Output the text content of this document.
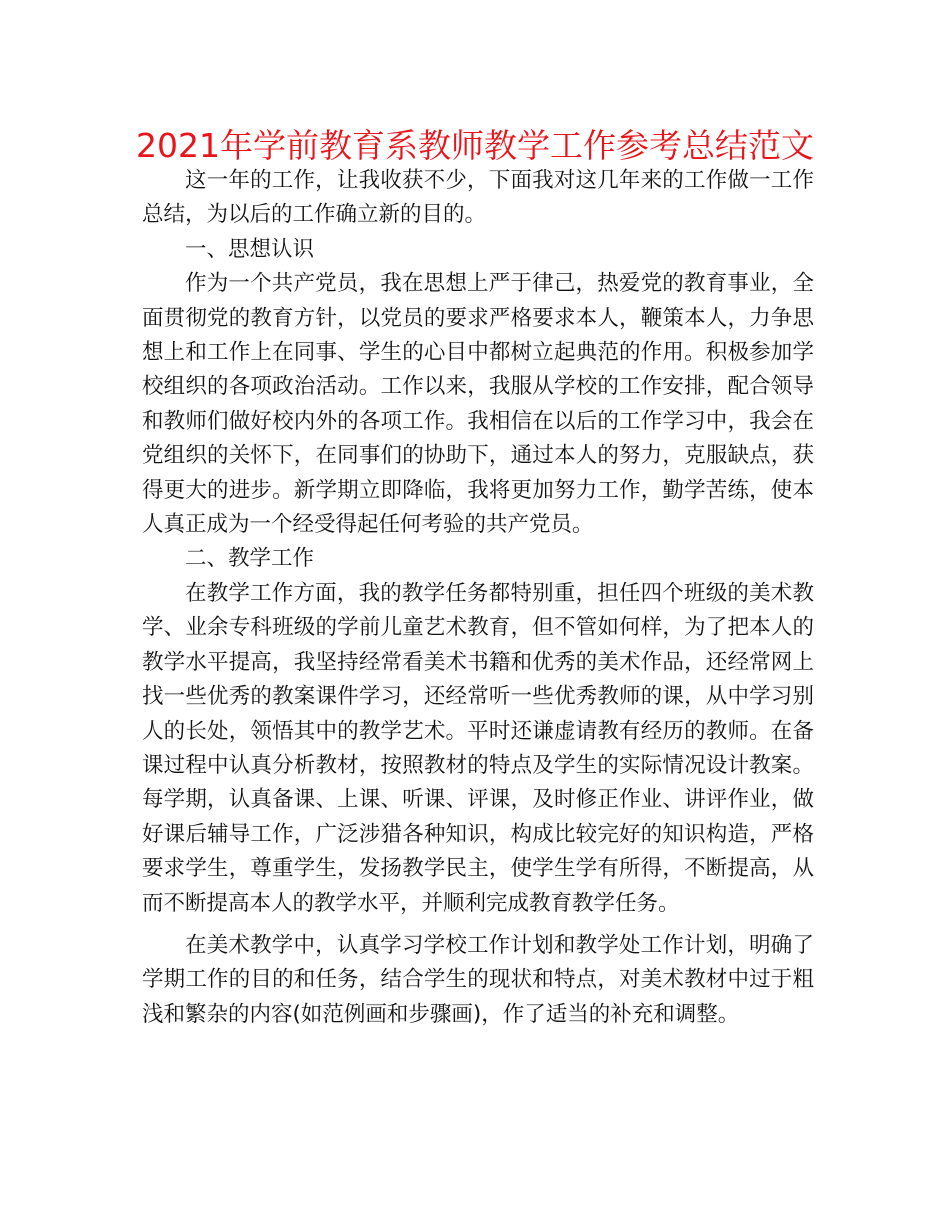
2021年学前教育系教师教学工作参考总结范文

这一年的工作，让我收获不少，下面我对这几年来的工作做一工作总结，为以后的工作确立新的目的。

一、思想认识

作为一个共产党员，我在思想上严于律己，热爱党的教育事业，全面贯彻党的教育方针，以党员的要求严格要求本人，鞭策本人，力争思想上和工作上在同事、学生的心目中都树立起典范的作用。积极参加学校组织的各项政治活动。工作以来，我服从学校的工作安排，配合领导和教师们做好校内外的各项工作。我相信在以后的工作学习中，我会在党组织的关怀下，在同事们的协助下，通过本人的努力，克服缺点，获得更大的进步。新学期立即降临，我将更加努力工作，勤学苦练，使本人真正成为一个经受得起任何考验的共产党员。

二、教学工作

在教学工作方面，我的教学任务都特别重，担任四个班级的美术教学、业余专科班级的学前儿童艺术教育，但不管如何样，为了把本人的教学水平提高，我坚持经常看美术书籍和优秀的美术作品，还经常网上找一些优秀的教案课件学习，还经常听一些优秀教师的课，从中学习别人的长处，领悟其中的教学艺术。平时还谦虚请教有经历的教师。在备课过程中认真分析教材，按照教材的特点及学生的实际情况设计教案。每学期，认真备课、上课、听课、评课，及时修正作业、讲评作业，做好课后辅导工作，广泛涉猎各种知识，构成比较完好的知识构造，严格要求学生，尊重学生，发扬教学民主，使学生学有所得，不断提高，从而不断提高本人的教学水平，并顺利完成教育教学任务。

在美术教学中，认真学习学校工作计划和教学处工作计划，明确了学期工作的目的和任务，结合学生的现状和特点，对美术教材中过于粗浅和繁杂的内容(如范例画和步骤画)，作了适当的补充和调整。
